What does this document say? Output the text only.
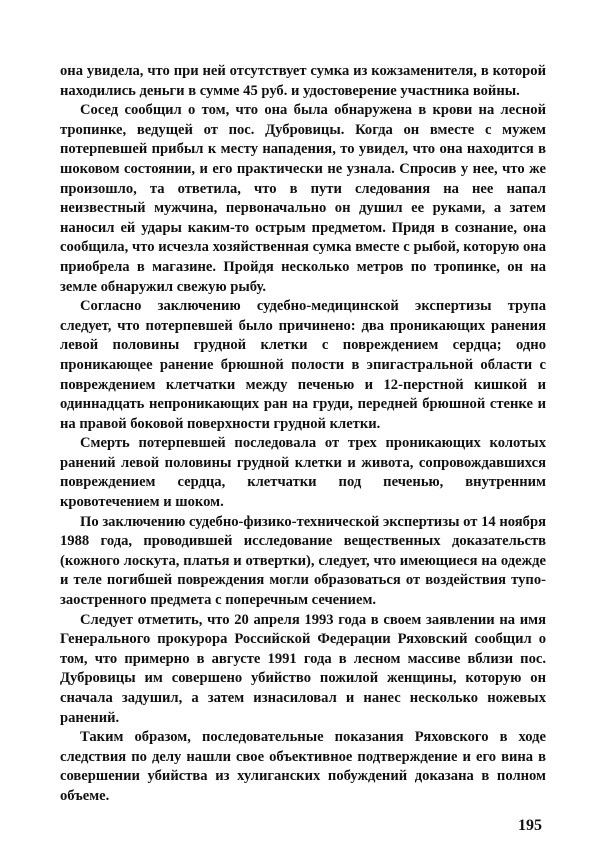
она увидела, что при ней отсутствует сумка из кожзаменителя, в которой находились деньги в сумме 45 руб. и удостоверение участника войны.

Сосед сообщил о том, что она была обнаружена в крови на лесной тропинке, ведущей от пос. Дубровицы. Когда он вместе с мужем потерпевшей прибыл к месту нападения, то увидел, что она находится в шоковом состоянии, и его практически не узнала. Спросив у нее, что же произошло, та ответила, что в пути следования на нее напал неизвестный мужчина, первоначально он душил ее руками, а затем наносил ей удары каким-то острым предметом. Придя в сознание, она сообщила, что исчезла хозяйственная сумка вместе с рыбой, которую она приобрела в магазине. Пройдя несколько метров по тропинке, он на земле обнаружил свежую рыбу.

Согласно заключению судебно-медицинской экспертизы трупа следует, что потерпевшей было причинено: два проникающих ранения левой половины грудной клетки с повреждением сердца; одно проникающее ранение брюшной полости в эпигастральной области с повреждением клетчатки между печенью и 12-перстной кишкой и одиннадцать непроникающих ран на груди, передней брюшной стенке и на правой боковой поверхности грудной клетки.

Смерть потерпевшей последовала от трех проникающих колотых ранений левой половины грудной клетки и живота, сопровождавшихся повреждением сердца, клетчатки под печенью, внутренним кровотечением и шоком.

По заключению судебно-физико-технической экспертизы от 14 ноября 1988 года, проводившей исследование вещественных доказательств (кожного лоскута, платья и отвертки), следует, что имеющиеся на одежде и теле погибшей повреждения могли образоваться от воздействия тупо-заостренного предмета с поперечным сечением.

Следует отметить, что 20 апреля 1993 года в своем заявлении на имя Генерального прокурора Российской Федерации Ряховский сообщил о том, что примерно в августе 1991 года в лесном массиве вблизи пос. Дубровицы им совершено убийство пожилой женщины, которую он сначала задушил, а затем изнасиловал и нанес несколько ножевых ранений.

Таким образом, последовательные показания Ряховского в ходе следствия по делу нашли свое объективное подтверждение и его вина в совершении убийства из хулиганских побуждений доказана в полном объеме.

195
